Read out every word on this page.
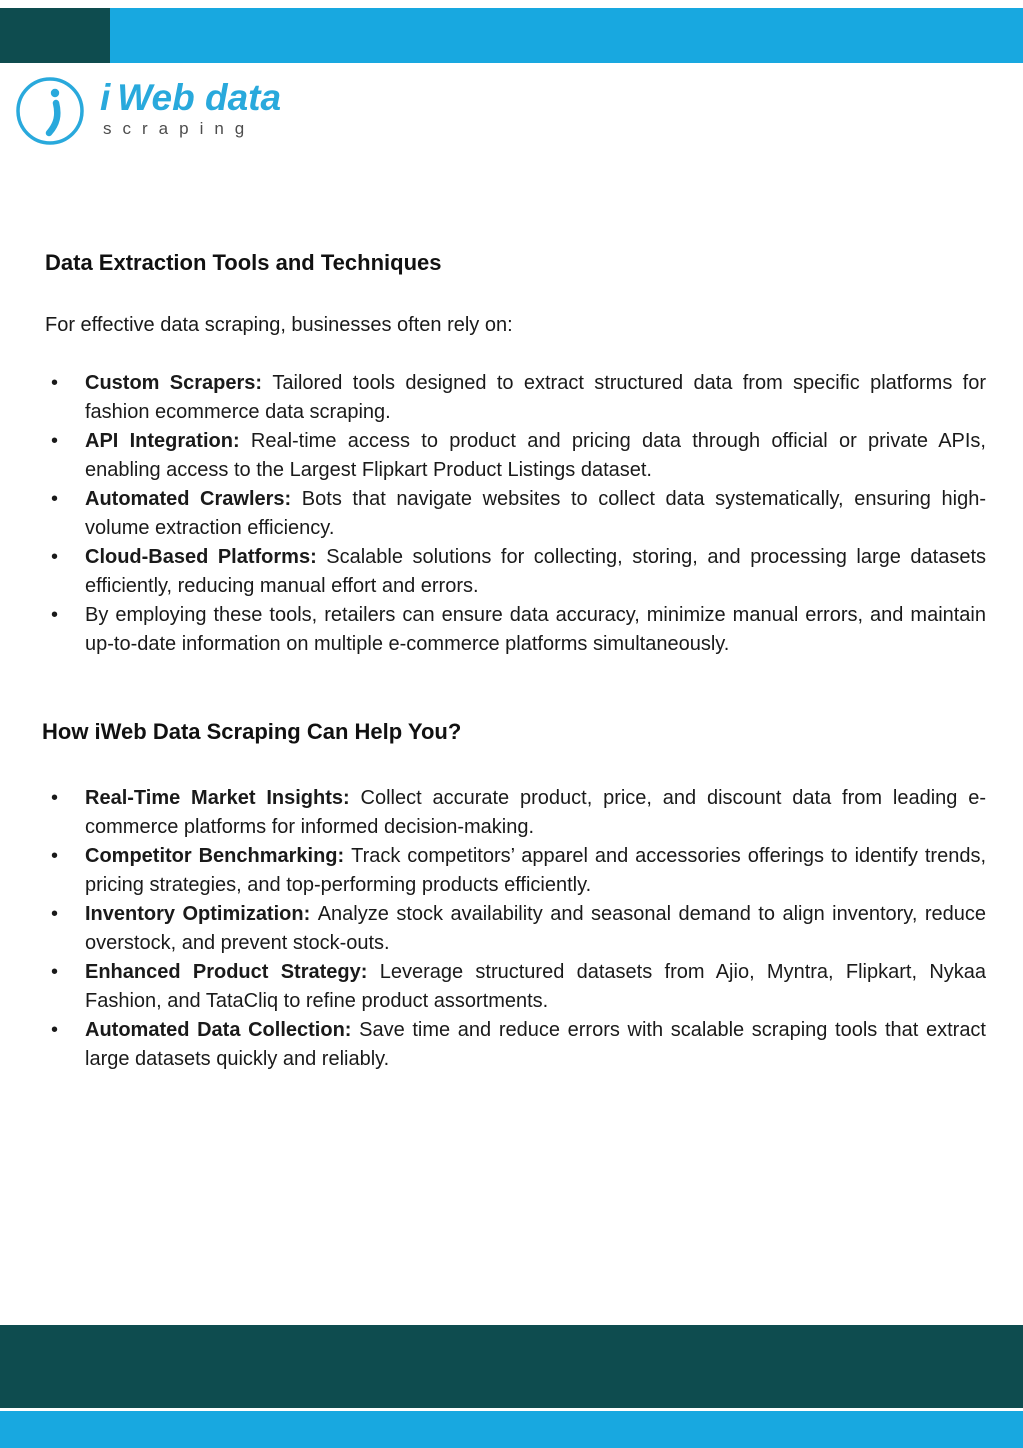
i Web data
scraping
Data Extraction Tools and Techniques

For effective data scraping, businesses often rely on:

• Custom Scrapers: Tailored tools designed to extract structured data from specific platforms for fashion ecommerce data scraping.
• API Integration: Real-time access to product and pricing data through official or private APIs, enabling access to the Largest Flipkart Product Listings dataset.
• Automated Crawlers: Bots that navigate websites to collect data systematically, ensuring high-volume extraction efficiency.
• Cloud-Based Platforms: Scalable solutions for collecting, storing, and processing large datasets efficiently, reducing manual effort and errors.
• By employing these tools, retailers can ensure data accuracy, minimize manual errors, and maintain up-to-date information on multiple e-commerce platforms simultaneously.
How iWeb Data Scraping Can Help You?
• Real-Time Market Insights: Collect accurate product, price, and discount data from leading e-commerce platforms for informed decision-making.
• Competitor Benchmarking: Track competitors’ apparel and accessories offerings to identify trends, pricing strategies, and top-performing products efficiently.
• Inventory Optimization: Analyze stock availability and seasonal demand to align inventory, reduce overstock, and prevent stock-outs.
• Enhanced Product Strategy: Leverage structured datasets from Ajio, Myntra, Flipkart, Nykaa Fashion, and TataCliq to refine product assortments.
• Automated Data Collection: Save time and reduce errors with scalable scraping tools that extract large datasets quickly and reliably.
